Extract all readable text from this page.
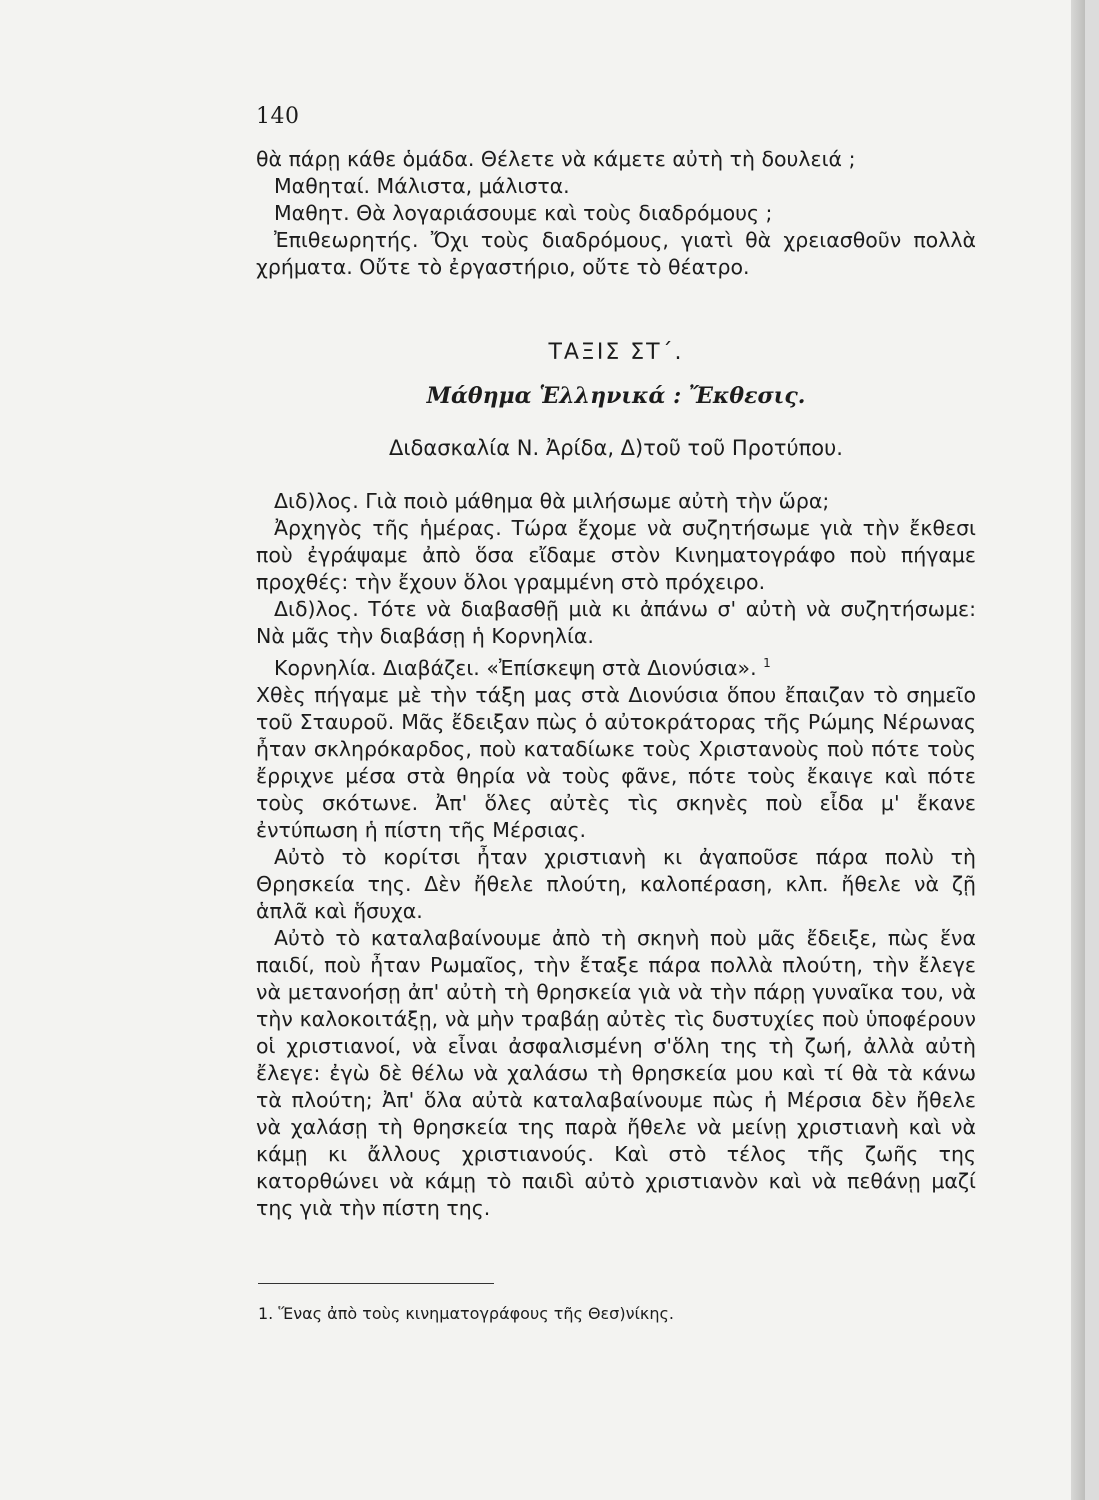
140

θὰ πάρῃ κάθε ὁμάδα. Θέλετε νὰ κάμετε αὐτὴ τὴ δουλειά ;

Μαθηταί. Μάλιστα, μάλιστα.

Μαθητ. Θὰ λογαριάσουμε καὶ τοὺς διαδρόμους ;

Ἐπιθεωρητής. Ὄχι τοὺς διαδρόμους, γιατὶ θὰ χρειασθοῦν πολλὰ χρήματα. Οὔτε τὸ ἐργαστήριο, οὔτε τὸ θέατρο.

ΤΑΞΙΣ ΣΤ΄.
Μάθημα Ἑλληνικά : Ἔκθεσις.
Διδασκαλία Ν. Ἀρίδα, Δ)τοῦ τοῦ Προτύπου.

Διδ)λος. Γιὰ ποιὸ μάθημα θὰ μιλήσωμε αὐτὴ τὴν ὥρα;

Ἀρχηγὸς τῆς ἡμέρας. Τώρα ἔχομε νὰ συζητήσωμε γιὰ τὴν ἔκθεσι ποὺ ἐγράψαμε ἀπὸ ὅσα εἴδαμε στὸν Κινηματογράφο ποὺ πήγαμε προχθές: τὴν ἔχουν ὅλοι γραμμένη στὸ πρόχειρο.

Διδ)λος. Τότε νὰ διαβασθῇ μιὰ κι ἀπάνω σ' αὐτὴ νὰ συζητήσωμε: Νὰ μᾶς τὴν διαβάσῃ ἡ Κορνηλία.

Κορνηλία. Διαβάζει. «Ἐπίσκεψη στὰ Διονύσια». $^1$

Χθὲς πήγαμε μὲ τὴν τάξη μας στὰ Διονύσια ὅπου ἔπαιζαν τὸ σημεῖο τοῦ Σταυροῦ. Μᾶς ἔδειξαν πὼς ὁ αὐτοκράτορας τῆς Ρώμης Νέρωνας ἦταν σκληρόκαρδος, ποὺ καταδίωκε τοὺς Χριστανοὺς ποὺ πότε τοὺς ἔρριχνε μέσα στὰ θηρία νὰ τοὺς φᾶνε, πότε τοὺς ἔκαιγε καὶ πότε τοὺς σκότωνε. Ἀπ' ὅλες αὐτὲς τὶς σκηνὲς ποὺ εἶδα μ' ἔκανε ἐντύπωση ἡ πίστη τῆς Μέρσιας.

Αὐτὸ τὸ κορίτσι ἦταν χριστιανὴ κι ἀγαποῦσε πάρα πολὺ τὴ Θρησκεία της. Δὲν ἤθελε πλούτη, καλοπέραση, κλπ. ἤθελε νὰ ζῇ ἁπλᾶ καὶ ἥσυχα.

Αὐτὸ τὸ καταλαβαίνουμε ἀπὸ τὴ σκηνὴ ποὺ μᾶς ἔδειξε, πὼς ἕνα παιδί, ποὺ ἦταν Ρωμαῖος, τὴν ἔταξε πάρα πολλὰ πλούτη, τὴν ἔλεγε νὰ μετανοήσῃ ἀπ' αὐτὴ τὴ θρησκεία γιὰ νὰ τὴν πάρῃ γυναῖκα του, νὰ τὴν καλοκοιτάξῃ, νὰ μὴν τραβάῃ αὐτὲς τὶς δυστυχίες ποὺ ὑποφέρουν οἱ χριστιανοί, νὰ εἶναι ἀσφαλισμένη σ'ὅλη της τὴ ζωή, ἀλλὰ αὐτὴ ἔλεγε: ἐγὼ δὲ θέλω νὰ χαλάσω τὴ θρησκεία μου καὶ τί θὰ τὰ κάνω τὰ πλούτη; Ἀπ' ὅλα αὐτὰ καταλαβαίνουμε πὼς ἡ Μέρσια δὲν ἤθελε νὰ χαλάσῃ τὴ θρησκεία της παρὰ ἤθελε νὰ μείνῃ χριστιανὴ καὶ νὰ κάμῃ κι ἄλλους χριστιανούς. Καὶ στὸ τέλος τῆς ζωῆς της κατορθώνει νὰ κάμῃ τὸ παιδὶ αὐτὸ χριστιανὸν καὶ νὰ πεθάνῃ μαζί της γιὰ τὴν πίστη της.

1. Ἕνας ἀπὸ τοὺς κινηματογράφους τῆς Θεσ)νίκης.
